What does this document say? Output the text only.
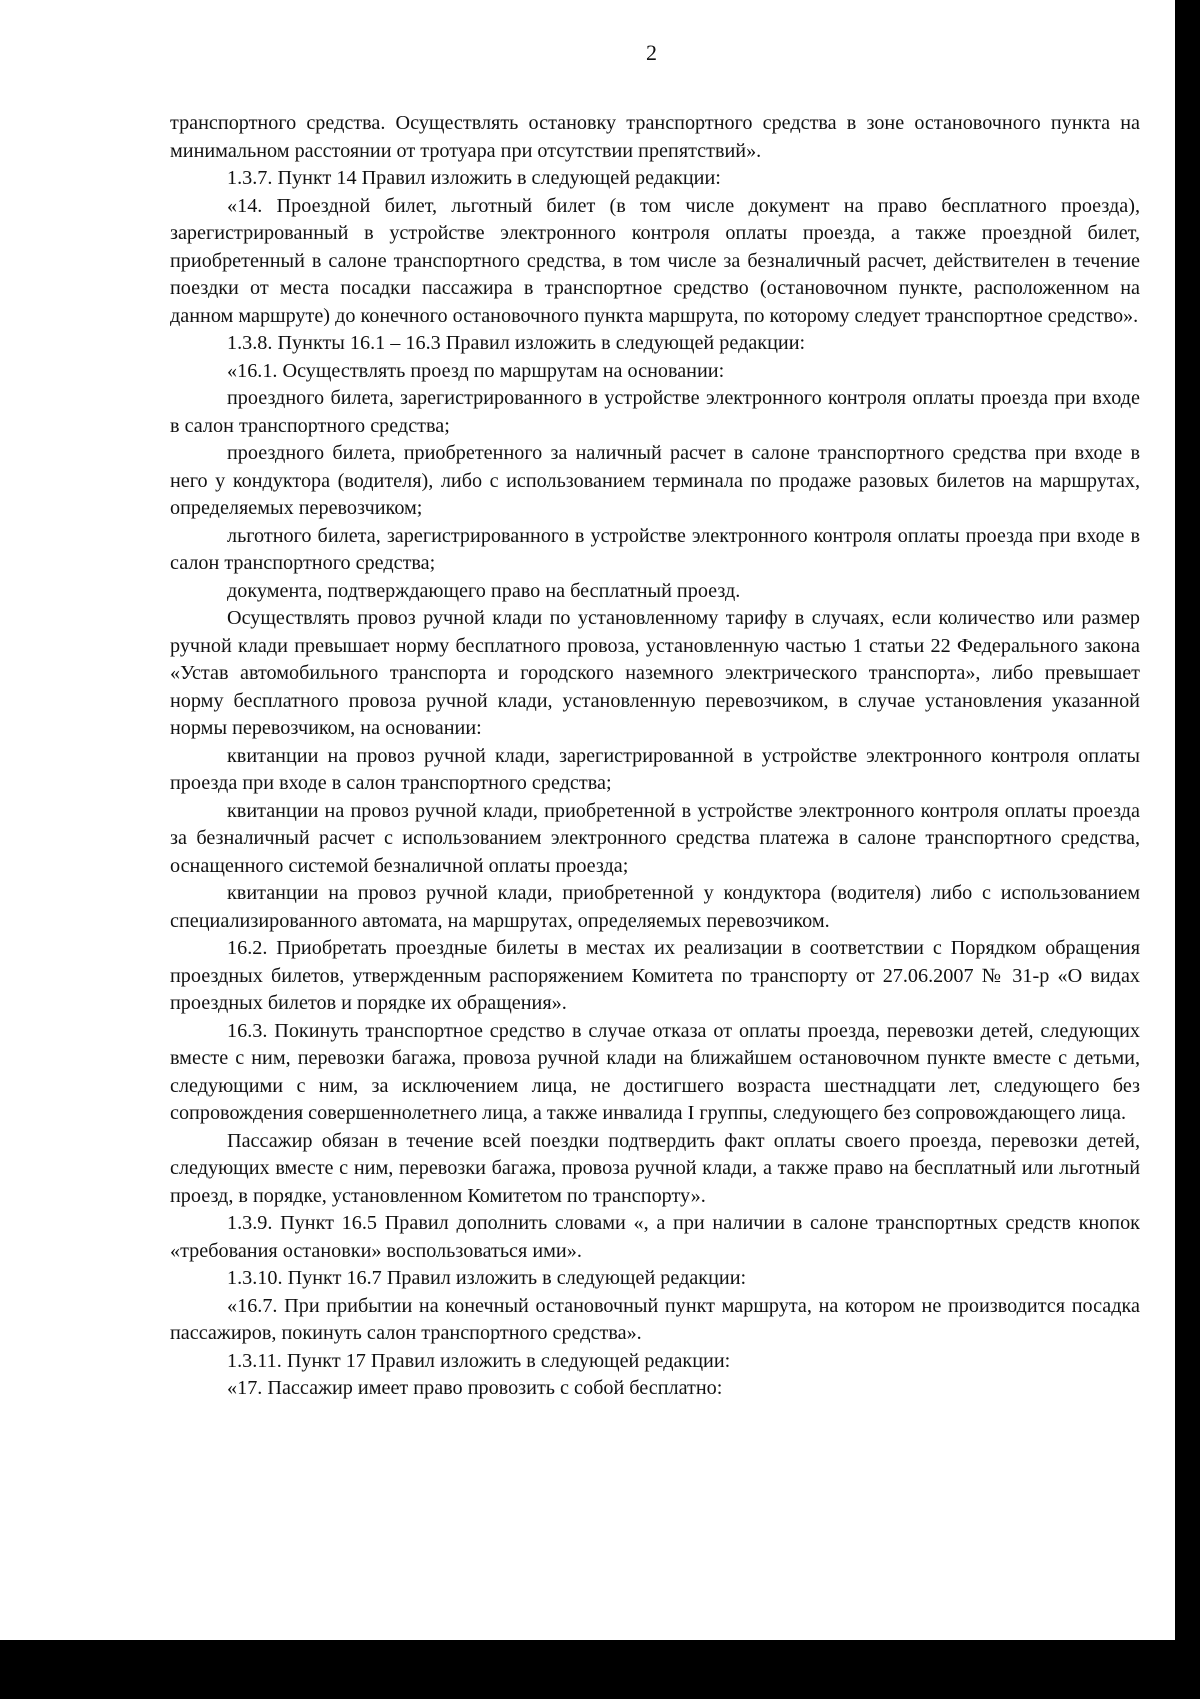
2

транспортного средства. Осуществлять остановку транспортного средства в зоне остановочного пункта на минимальном расстоянии от тротуара при отсутствии препятствий».

1.3.7. Пункт 14 Правил изложить в следующей редакции:

«14. Проездной билет, льготный билет (в том числе документ на право бесплатного проезда), зарегистрированный в устройстве электронного контроля оплаты проезда, а также проездной билет, приобретенный в салоне транспортного средства, в том числе за безналичный расчет, действителен в течение поездки от места посадки пассажира в транспортное средство (остановочном пункте, расположенном на данном маршруте) до конечного остановочного пункта маршрута, по которому следует транспортное средство».

1.3.8. Пункты 16.1 – 16.3 Правил изложить в следующей редакции:

«16.1. Осуществлять проезд по маршрутам на основании:

проездного билета, зарегистрированного в устройстве электронного контроля оплаты проезда при входе в салон транспортного средства;

проездного билета, приобретенного за наличный расчет в салоне транспортного средства при входе в него у кондуктора (водителя), либо с использованием терминала по продаже разовых билетов на маршрутах, определяемых перевозчиком;

льготного билета, зарегистрированного в устройстве электронного контроля оплаты проезда при входе в салон транспортного средства;

документа, подтверждающего право на бесплатный проезд.

Осуществлять провоз ручной клади по установленному тарифу в случаях, если количество или размер ручной клади превышает норму бесплатного провоза, установленную частью 1 статьи 22 Федерального закона «Устав автомобильного транспорта и городского наземного электрического транспорта», либо превышает норму бесплатного провоза ручной клади, установленную перевозчиком, в случае установления указанной нормы перевозчиком, на основании:

квитанции на провоз ручной клади, зарегистрированной в устройстве электронного контроля оплаты проезда при входе в салон транспортного средства;

квитанции на провоз ручной клади, приобретенной в устройстве электронного контроля оплаты проезда за безналичный расчет с использованием электронного средства платежа в салоне транспортного средства, оснащенного системой безналичной оплаты проезда;

квитанции на провоз ручной клади, приобретенной у кондуктора (водителя) либо с использованием специализированного автомата, на маршрутах, определяемых перевозчиком.

16.2. Приобретать проездные билеты в местах их реализации в соответствии с Порядком обращения проездных билетов, утвержденным распоряжением Комитета по транспорту от 27.06.2007 № 31-р «О видах проездных билетов и порядке их обращения».

16.3. Покинуть транспортное средство в случае отказа от оплаты проезда, перевозки детей, следующих вместе с ним, перевозки багажа, провоза ручной клади на ближайшем остановочном пункте вместе с детьми, следующими с ним, за исключением лица, не достигшего возраста шестнадцати лет, следующего без сопровождения совершеннолетнего лица, а также инвалида I группы, следующего без сопровождающего лица.

Пассажир обязан в течение всей поездки подтвердить факт оплаты своего проезда, перевозки детей, следующих вместе с ним, перевозки багажа, провоза ручной клади, а также право на бесплатный или льготный проезд, в порядке, установленном Комитетом по транспорту».

1.3.9. Пункт 16.5 Правил дополнить словами «, а при наличии в салоне транспортных средств кнопок «требования остановки» воспользоваться ими».

1.3.10. Пункт 16.7 Правил изложить в следующей редакции:

«16.7. При прибытии на конечный остановочный пункт маршрута, на котором не производится посадка пассажиров, покинуть салон транспортного средства».

1.3.11. Пункт 17 Правил изложить в следующей редакции:

«17. Пассажир имеет право провозить с собой бесплатно:
